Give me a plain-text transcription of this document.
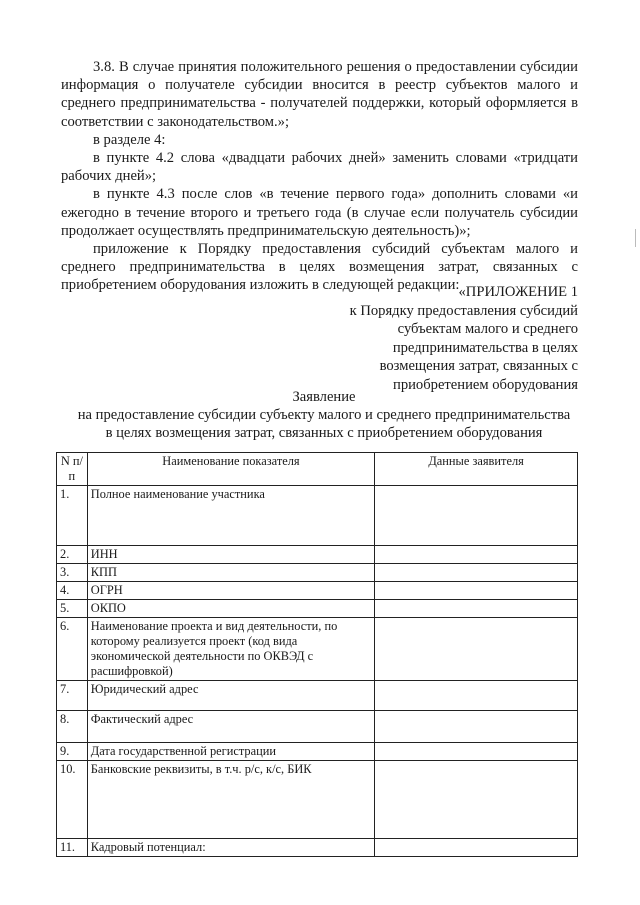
3.8. В случае принятия положительного решения о предоставлении субсидии информация о получателе субсидии вносится в реестр субъектов малого и среднего предпринимательства - получателей поддержки, который оформляется в соответствии с законодательством.»;

в разделе 4:

в пункте 4.2 слова «двадцати рабочих дней» заменить словами «тридцати рабочих дней»;

в пункте 4.3 после слов «в течение первого года» дополнить словами «и ежегодно в течение второго и третьего года (в случае если получатель субсидии продолжает осуществлять предпринимательскую деятельность)»;

приложение к Порядку предоставления субсидий субъектам малого и среднего предпринимательства в целях возмещения затрат, связанных с приобретением оборудования изложить в следующей редакции: «ПРИЛОЖЕНИЕ 1
к Порядку предоставления субсидий
субъектам малого и среднего
предпринимательства в целях
возмещения затрат, связанных с
приобретением оборудования
Заявление
на предоставление субсидии субъекту малого и среднего предпринимательства
в целях возмещения затрат, связанных с приобретением оборудования
N п/п	Наименование показателя	Данные заявителя
1.	Полное наименование участника	
2.	ИНН	
3.	КПП	
4.	ОГРН	
5.	ОКПО	
6.	Наименование проекта и вид деятельности, по которому реализуется проект (код вида экономической деятельности по ОКВЭД с расшифровкой)	
7.	Юридический адрес	
8.	Фактический адрес	
9.	Дата государственной регистрации	
10.	Банковские реквизиты, в т.ч. р/с, к/с, БИК	
11.	Кадровый потенциал:	
